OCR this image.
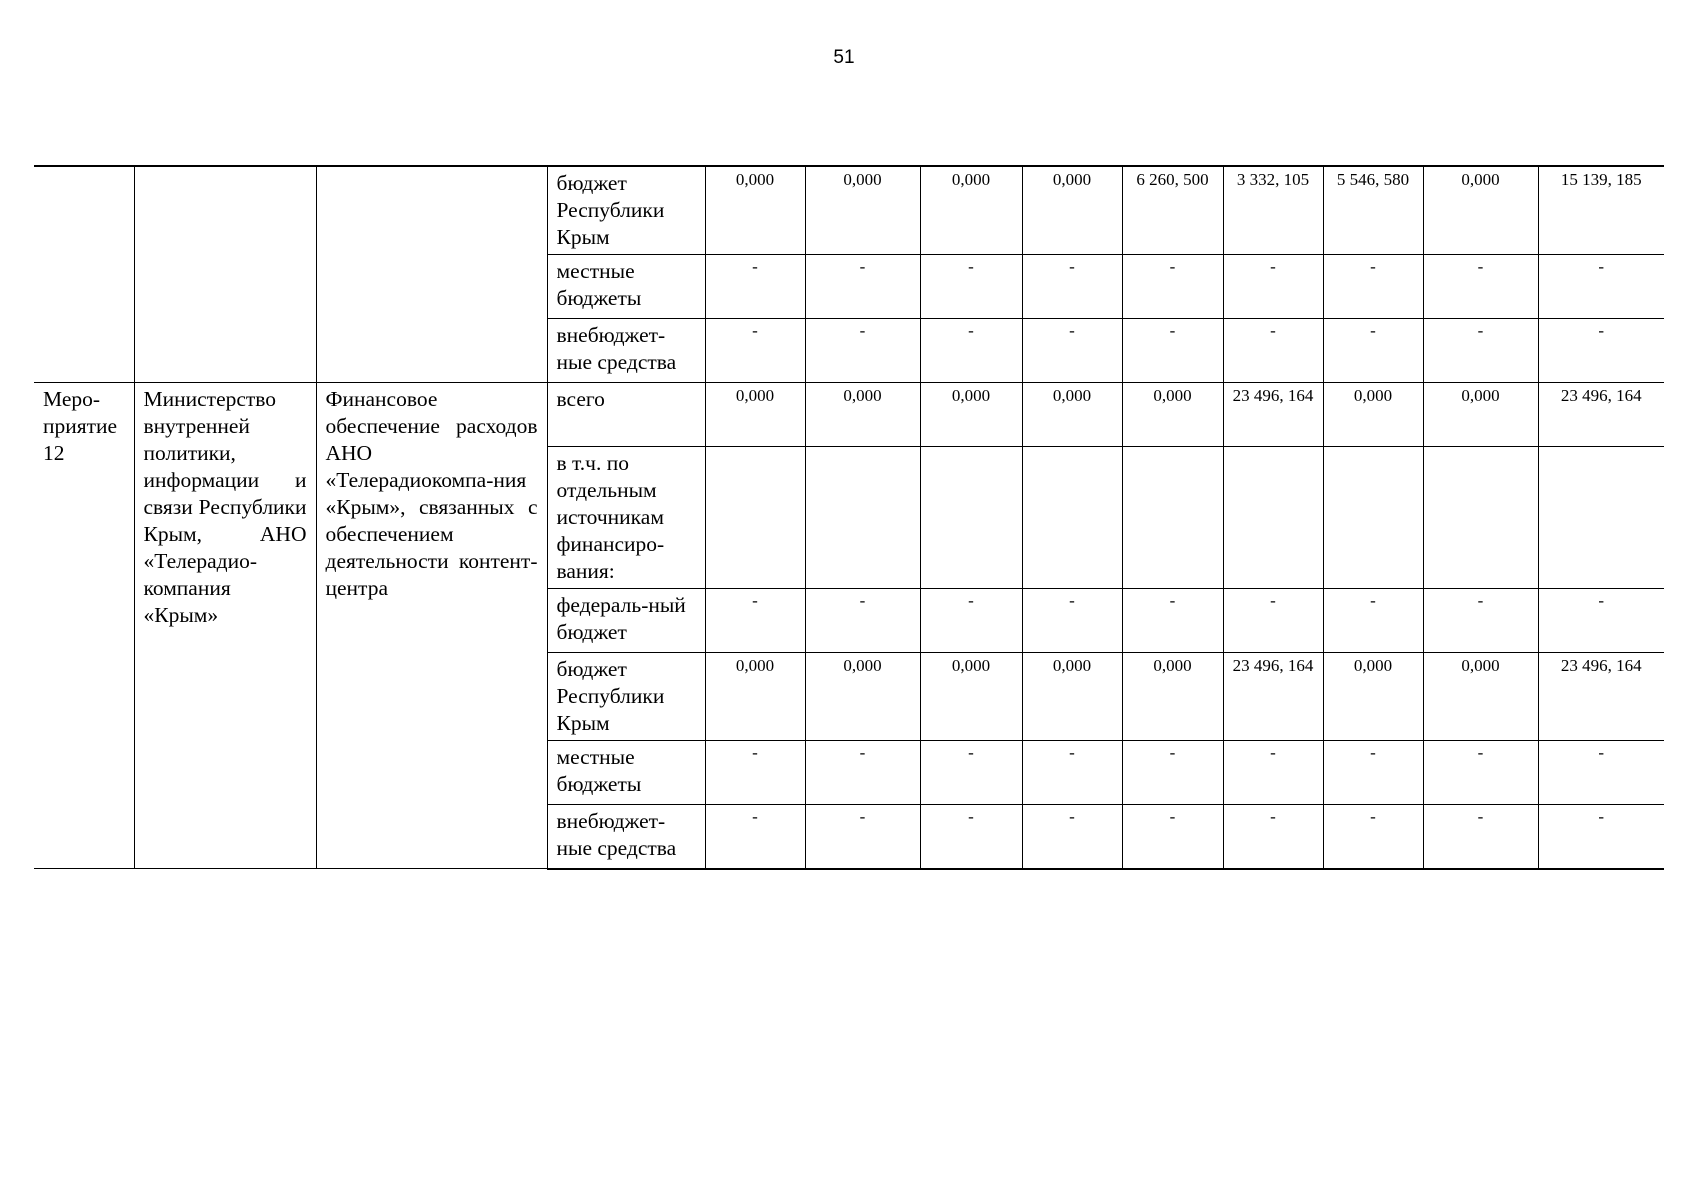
51

			бюджет Республики Крым	0,000	0,000	0,000	0,000	6 260, 500	3 332, 105	5 546, 580	0,000	15 139, 185

			местные бюджеты	-	-	-	-	-	-	-	-	-

			внебюджет-ные средства	-	-	-	-	-	-	-	-	-

Меро-приятие 12	Министерство внутренней политики, информации и связи Республики Крым, АНО «Телерадио-компания «Крым»	Финансовое обеспечение расходов АНО «Телерадиокомпа-ния «Крым», связанных с обеспечением деятельности контент-центра	всего	0,000	0,000	0,000	0,000	0,000	23 496, 164	0,000	0,000	23 496, 164

			в т.ч. по отдельным источникам финансиро-вания:									

			федераль-ный бюджет	-	-	-	-	-	-	-	-	-

			бюджет Республики Крым	0,000	0,000	0,000	0,000	0,000	23 496, 164	0,000	0,000	23 496, 164

			местные бюджеты	-	-	-	-	-	-	-	-	-

			внебюджет-ные средства	-	-	-	-	-	-	-	-	-
